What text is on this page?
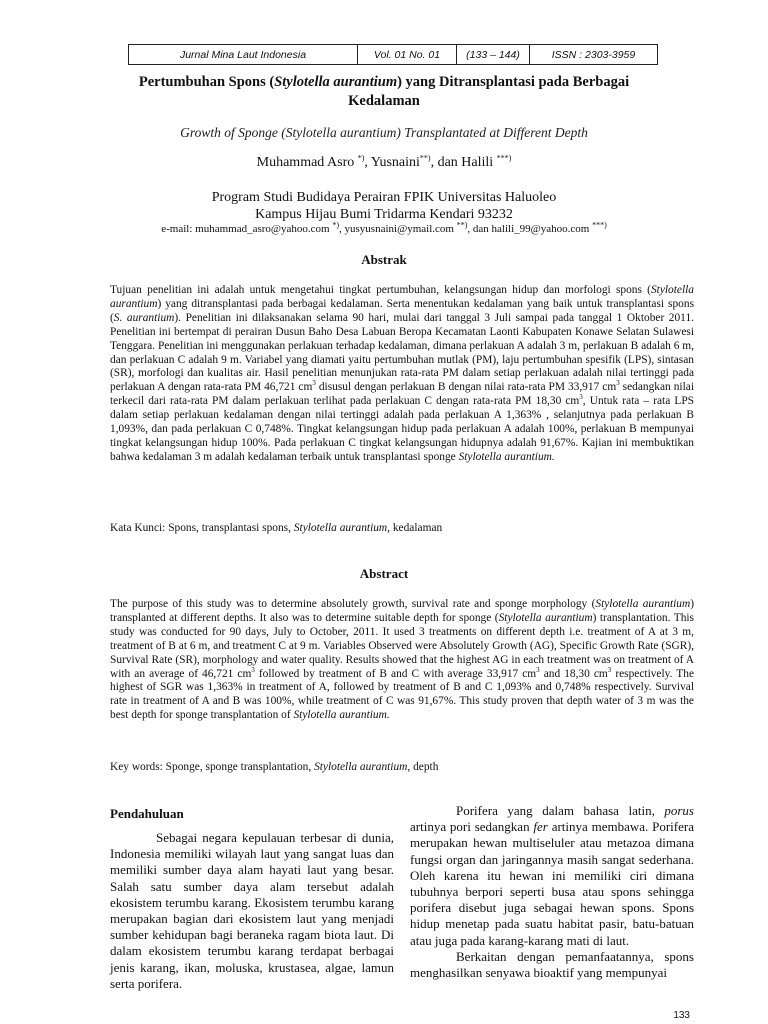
Jurnal Mina Laut Indonesia	Vol. 01 No. 01	(133 – 144)	ISSN : 2303-3959
Pertumbuhan Spons (Stylotella aurantium) yang Ditransplantasi pada Berbagai Kedalaman
Growth of Sponge (Stylotella aurantium) Transplantated at Different Depth
Muhammad Asro *), Yusnaini**), dan Halili ***)
Program Studi Budidaya Perairan FPIK Universitas Haluoleo
Kampus Hijau Bumi Tridarma Kendari 93232
e-mail: muhammad_asro@yahoo.com *), yusyusnaini@ymail.com **), dan halili_99@yahoo.com ***)
Abstrak
Tujuan penelitian ini adalah untuk mengetahui tingkat pertumbuhan, kelangsungan hidup dan morfologi spons (Stylotella aurantium) yang ditransplantasi pada berbagai kedalaman. Serta menentukan kedalaman yang baik untuk transplantasi spons (S. aurantium). Penelitian ini dilaksanakan selama 90 hari, mulai dari tanggal 3 Juli sampai pada tanggal 1 Oktober 2011. Penelitian ini bertempat di perairan Dusun Baho Desa Labuan Beropa Kecamatan Laonti Kabupaten Konawe Selatan Sulawesi Tenggara. Penelitian ini menggunakan perlakuan terhadap kedalaman, dimana perlakuan A adalah 3 m, perlakuan B adalah 6 m, dan perlakuan C adalah 9 m. Variabel yang diamati yaitu pertumbuhan mutlak (PM), laju pertumbuhan spesifik (LPS), sintasan (SR), morfologi dan kualitas air. Hasil penelitian menunjukan rata-rata PM dalam setiap perlakuan adalah nilai tertinggi pada perlakuan A dengan rata-rata PM 46,721 $cm^3$ disusul dengan perlakuan B dengan nilai rata-rata PM 33,917 $cm^3$ sedangkan nilai terkecil dari rata-rata PM dalam perlakuan terlihat pada perlakuan C dengan rata-rata PM 18,30 $cm^3$, Untuk rata – rata LPS dalam setiap perlakuan kedalaman dengan nilai tertinggi adalah pada perlakuan A 1,363% , selanjutnya pada perlakuan B 1,093%, dan pada perlakuan C 0,748%. Tingkat kelangsungan hidup pada perlakuan A adalah 100%, perlakuan B mempunyai tingkat kelangsungan hidup 100%. Pada perlakuan C tingkat kelangsungan hidupnya adalah 91,67%. Kajian ini membuktikan bahwa kedalaman 3 m adalah kedalaman terbaik untuk transplantasi sponge Stylotella aurantium.
Kata Kunci: Spons, transplantasi spons, Stylotella aurantium, kedalaman
Abstract
The purpose of this study was to determine absolutely growth, survival rate and sponge morphology (Stylotella aurantium) transplanted at different depths. It also was to determine suitable depth for sponge (Stylotella aurantium) transplantation. This study was conducted for 90 days, July to October, 2011. It used 3 treatments on different depth i.e. treatment of A at 3 m, treatment of B at 6 m, and treatment C at 9 m. Variables Observed were Absolutely Growth (AG), Specific Growth Rate (SGR), Survival Rate (SR), morphology and water quality. Results showed that the highest AG in each treatment was on treatment of A with an average of 46,721 $cm^3$ followed by treatment of B and C with average 33,917 $cm^3$ and 18,30 $cm^3$ respectively. The highest of SGR was 1,363% in treatment of A, followed by treatment of B and C 1,093% and 0,748% respectively. Survival rate in treatment of A and B was 100%, while treatment of C was 91,67%. This study proven that depth water of 3 m was the best depth for sponge transplantation of Stylotella aurantium.
Key words: Sponge, sponge transplantation, Stylotella aurantium, depth
Pendahuluan
Sebagai negara kepulauan terbesar di dunia, Indonesia memiliki wilayah laut yang sangat luas dan memiliki sumber daya alam hayati laut yang besar. Salah satu sumber daya alam tersebut adalah ekosistem terumbu karang. Ekosistem terumbu karang merupakan bagian dari ekosistem laut yang menjadi sumber kehidupan bagi beraneka ragam biota laut. Di dalam ekosistem terumbu karang terdapat berbagai jenis karang, ikan, moluska, krustasea, algae, lamun serta porifera.
Porifera yang dalam bahasa latin, porus artinya pori sedangkan fer artinya membawa. Porifera merupakan hewan multiseluler atau metazoa dimana fungsi organ dan jaringannya masih sangat sederhana. Oleh karena itu hewan ini memiliki ciri dimana tubuhnya berpori seperti busa atau spons sehingga porifera disebut juga sebagai hewan spons. Spons hidup menetap pada suatu habitat pasir, batu-batuan atau juga pada karang-karang mati di laut.
Berkaitan dengan pemanfaatannya, spons menghasilkan senyawa bioaktif yang mempunyai
133
